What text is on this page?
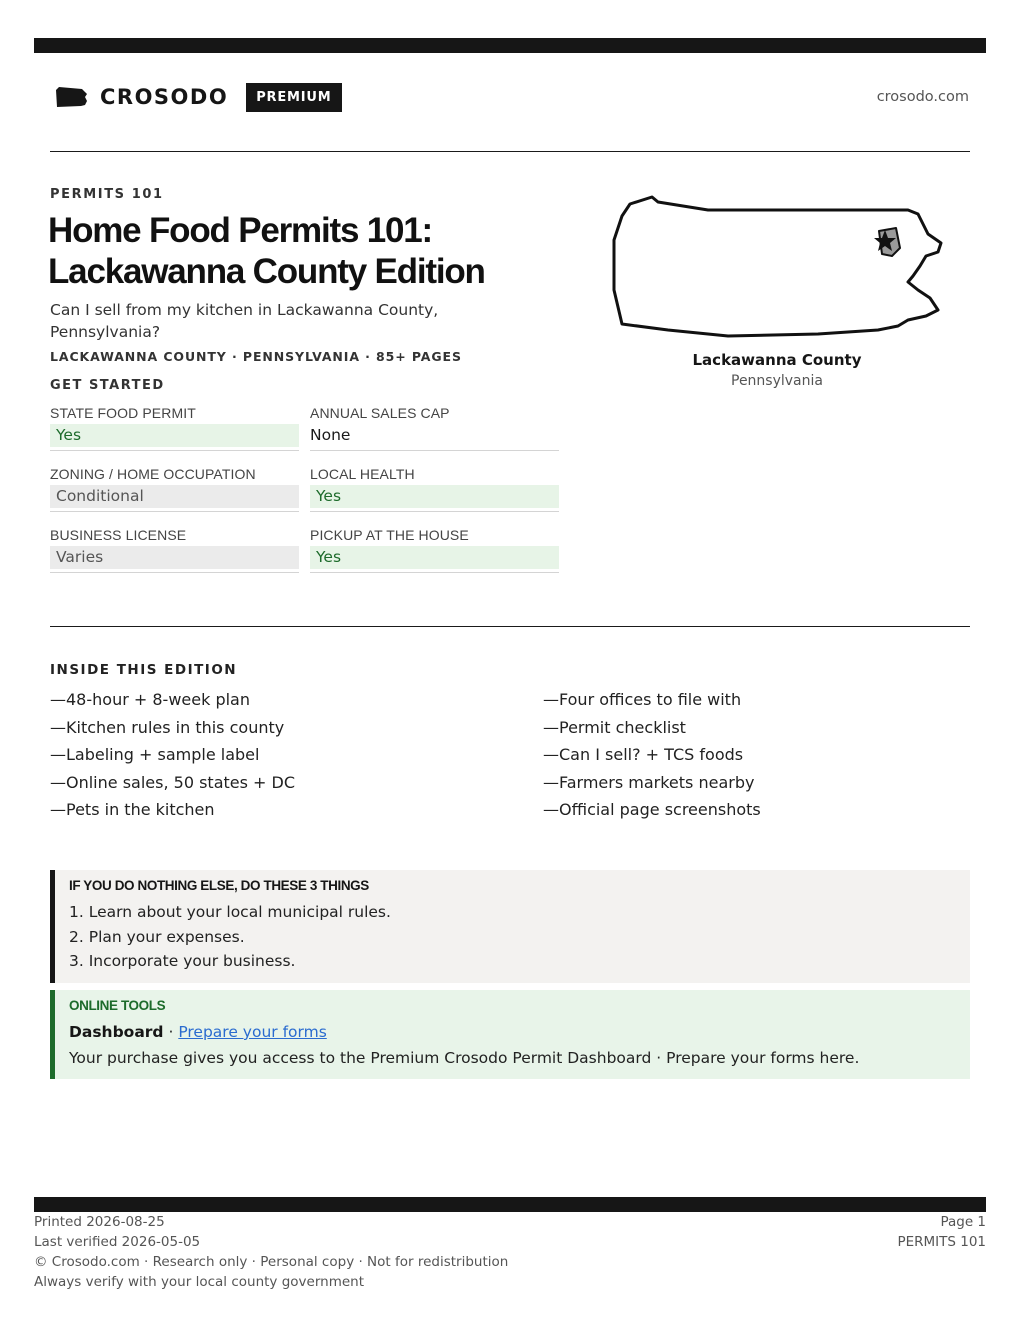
CROSODO	PREMIUM	crosodo.com
PERMITS 101
Home Food Permits 101:
Lackawanna County Edition

Can I sell from my kitchen in Lackawanna County, Pennsylvania?

LACKAWANNA COUNTY · PENNSYLVANIA · 85+ PAGES
GET STARTED
STATE FOOD PERMIT
Yes
ANNUAL SALES CAP
None
ZONING / HOME OCCUPATION
Conditional
LOCAL HEALTH
Yes
BUSINESS LICENSE
Varies
PICKUP AT THE HOUSE
Yes
Lackawanna County
Pennsylvania
INSIDE THIS EDITION
—48-hour + 8-week plan
—Kitchen rules in this county
—Labeling + sample label
—Online sales, 50 states + DC
—Pets in the kitchen
—Four offices to file with
—Permit checklist
—Can I sell? + TCS foods
—Farmers markets nearby
—Official page screenshots
IF YOU DO NOTHING ELSE, DO THESE 3 THINGS
1. Learn about your local municipal rules.
2. Plan your expenses.
3. Incorporate your business.
ONLINE TOOLS
Dashboard · Prepare your forms
Your purchase gives you access to the Premium Crosodo Permit Dashboard · Prepare your forms here.
Printed 2026-08-25
Last verified 2026-05-05
© Crosodo.com · Research only · Personal copy · Not for redistribution
Always verify with your local county government
Page 1
PERMITS 101
